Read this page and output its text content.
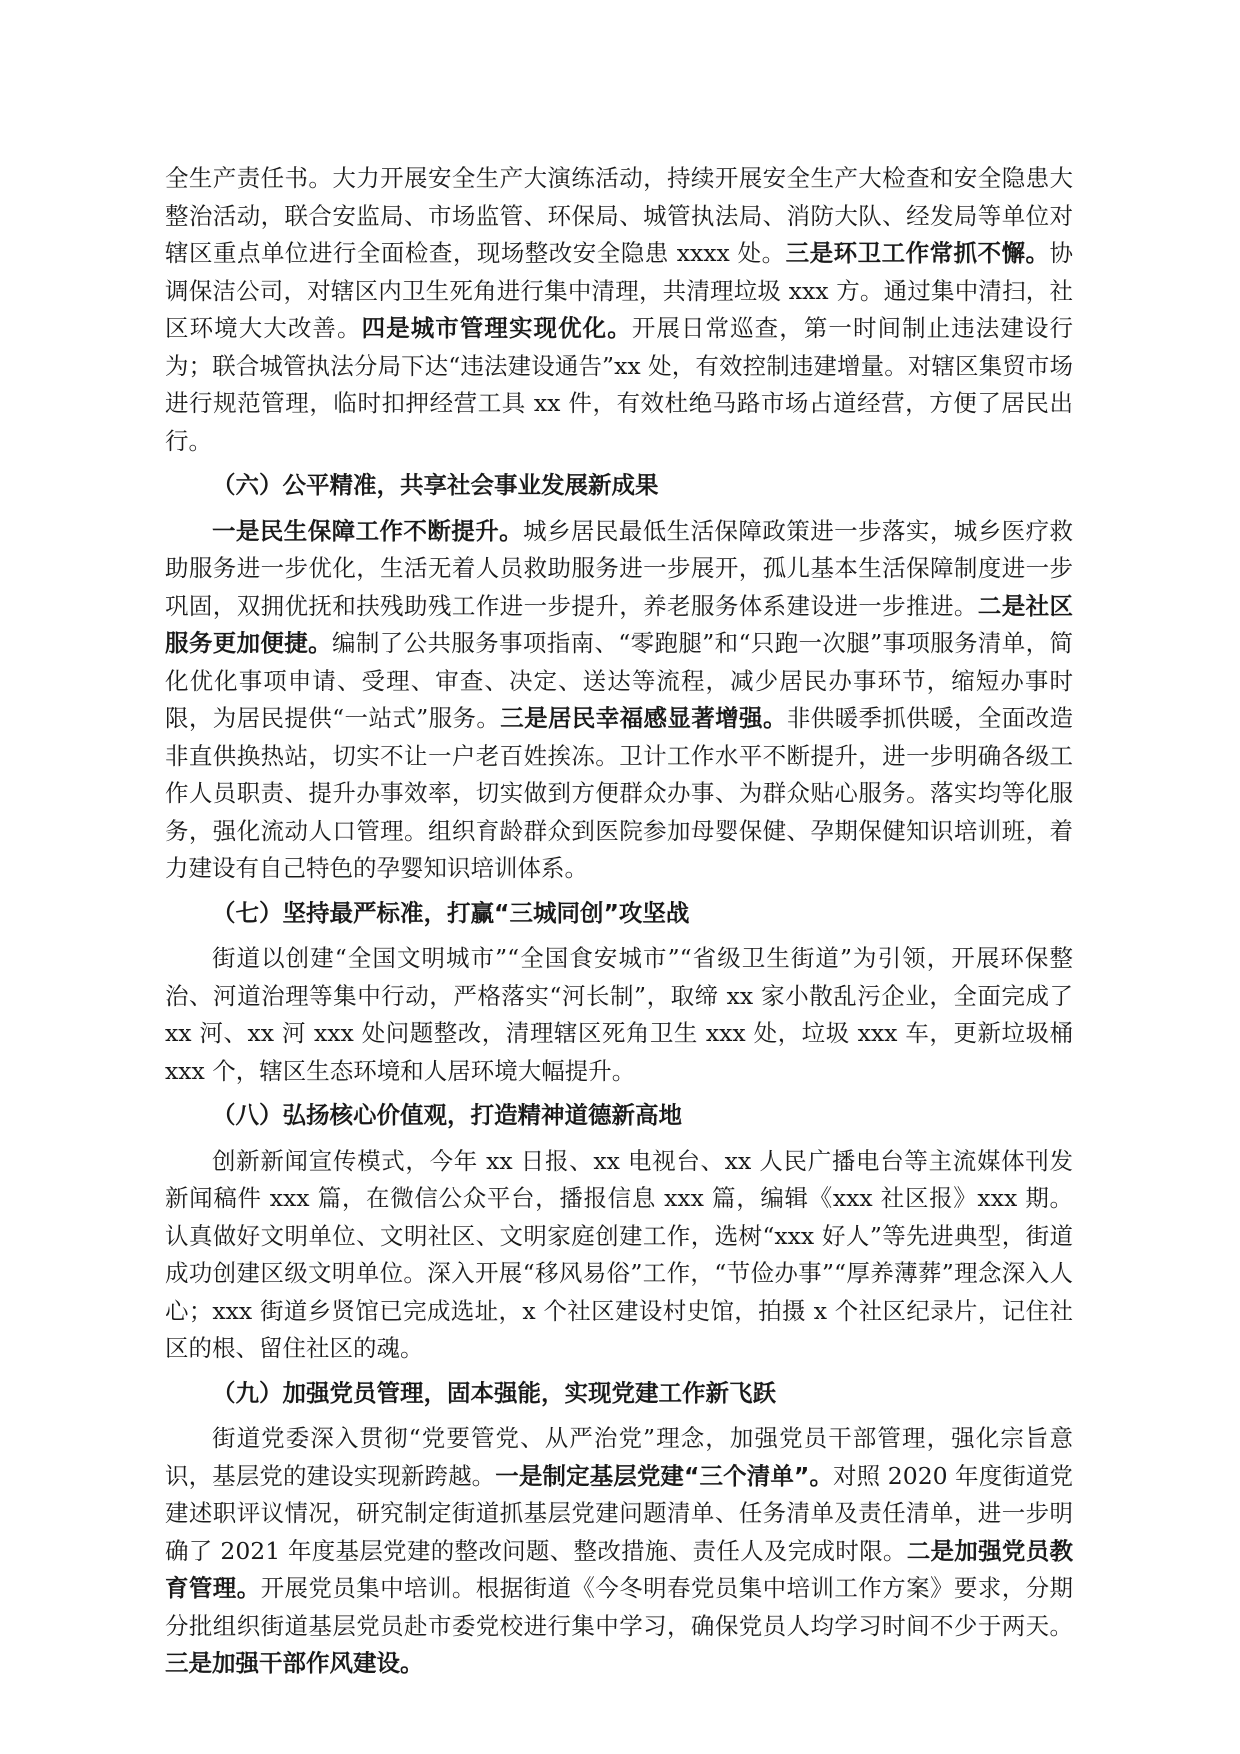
全生产责任书。大力开展安全生产大演练活动，持续开展安全生产大检查和安全隐患大整治活动，联合安监局、市场监管、环保局、城管执法局、消防大队、经发局等单位对辖区重点单位进行全面检查，现场整改安全隐患 xxxx 处。三是环卫工作常抓不懈。协调保洁公司，对辖区内卫生死角进行集中清理，共清理垃圾 xxx 方。通过集中清扫，社区环境大大改善。四是城市管理实现优化。开展日常巡查，第一时间制止违法建设行为；联合城管执法分局下达“违法建设通告”xx 处，有效控制违建增量。对辖区集贸市场进行规范管理，临时扣押经营工具 xx 件，有效杜绝马路市场占道经营，方便了居民出行。

（六）公平精准，共享社会事业发展新成果

一是民生保障工作不断提升。城乡居民最低生活保障政策进一步落实，城乡医疗救助服务进一步优化，生活无着人员救助服务进一步展开，孤儿基本生活保障制度进一步巩固，双拥优抚和扶残助残工作进一步提升，养老服务体系建设进一步推进。二是社区服务更加便捷。编制了公共服务事项指南、“零跑腿”和“只跑一次腿”事项服务清单，简化优化事项申请、受理、审查、决定、送达等流程，减少居民办事环节，缩短办事时限，为居民提供“一站式”服务。三是居民幸福感显著增强。非供暖季抓供暖，全面改造非直供换热站，切实不让一户老百姓挨冻。卫计工作水平不断提升，进一步明确各级工作人员职责、提升办事效率，切实做到方便群众办事、为群众贴心服务。落实均等化服务，强化流动人口管理。组织育龄群众到医院参加母婴保健、孕期保健知识培训班，着力建设有自己特色的孕婴知识培训体系。

（七）坚持最严标准，打赢“三城同创”攻坚战

街道以创建“全国文明城市”“全国食安城市”“省级卫生街道”为引领，开展环保整治、河道治理等集中行动，严格落实“河长制”，取缔 xx 家小散乱污企业，全面完成了 xx 河、xx 河 xxx 处问题整改，清理辖区死角卫生 xxx 处，垃圾 xxx 车，更新垃圾桶 xxx 个，辖区生态环境和人居环境大幅提升。

（八）弘扬核心价值观，打造精神道德新高地

创新新闻宣传模式，今年 xx 日报、xx 电视台、xx 人民广播电台等主流媒体刊发新闻稿件 xxx 篇，在微信公众平台，播报信息 xxx 篇，编辑《xxx 社区报》xxx 期。认真做好文明单位、文明社区、文明家庭创建工作，选树“xxx 好人”等先进典型，街道成功创建区级文明单位。深入开展“移风易俗”工作，“节俭办事”“厚养薄葬”理念深入人心；xxx 街道乡贤馆已完成选址，x 个社区建设村史馆，拍摄 x 个社区纪录片，记住社区的根、留住社区的魂。

（九）加强党员管理，固本强能，实现党建工作新飞跃

街道党委深入贯彻“党要管党、从严治党”理念，加强党员干部管理，强化宗旨意识，基层党的建设实现新跨越。一是制定基层党建“三个清单”。对照 2020 年度街道党建述职评议情况，研究制定街道抓基层党建问题清单、任务清单及责任清单，进一步明确了 2021 年度基层党建的整改问题、整改措施、责任人及完成时限。二是加强党员教育管理。开展党员集中培训。根据街道《今冬明春党员集中培训工作方案》要求，分期分批组织街道基层党员赴市委党校进行集中学习，确保党员人均学习时间不少于两天。三是加强干部作风建设。
